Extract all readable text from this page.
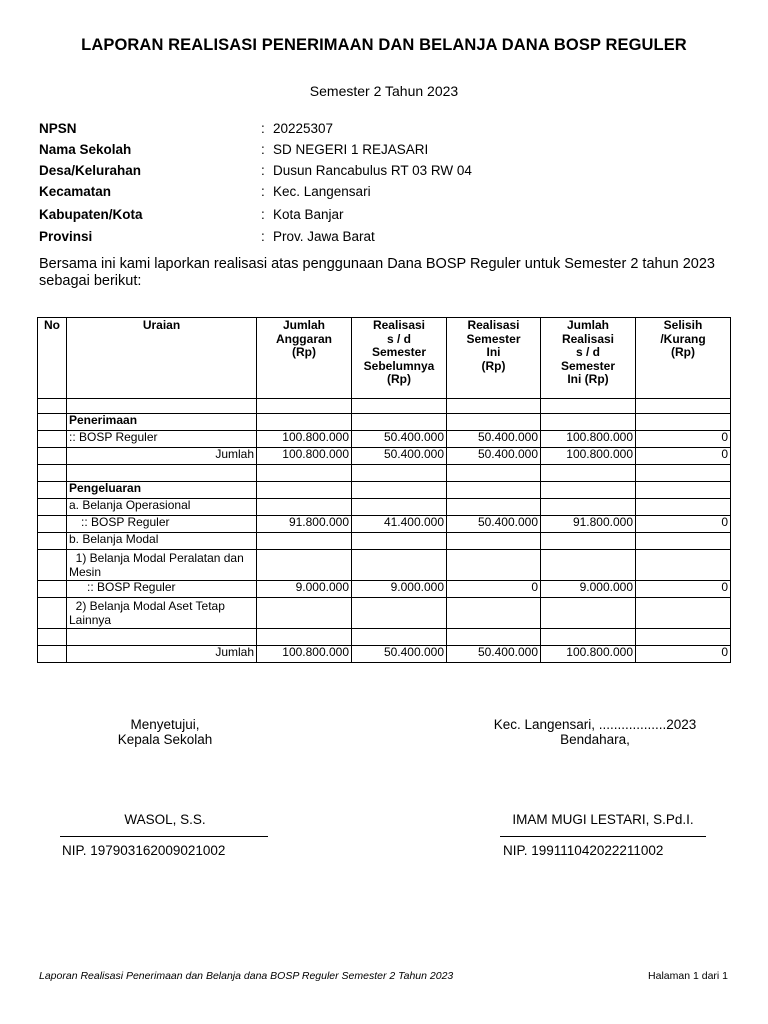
LAPORAN REALISASI PENERIMAAN DAN BELANJA DANA BOSP REGULER
Semester 2 Tahun 2023
NPSN	: 20225307
Nama Sekolah	: SD NEGERI 1 REJASARI
Desa/Kelurahan	: Dusun Rancabulus RT 03 RW 04
Kecamatan	: Kec. Langensari
Kabupaten/Kota	: Kota Banjar
Provinsi	: Prov. Jawa Barat
Bersama ini kami laporkan realisasi atas penggunaan Dana BOSP Reguler untuk Semester 2 tahun 2023 sebagai berikut:
No	Uraian	Jumlah
Anggaran
(Rp)	Realisasi
s / d
Semester
Sebelumnya
(Rp)	Realisasi
Semester
Ini
(Rp)	Jumlah
Realisasi
s / d
Semester
Ini (Rp)	Selisih
/Kurang
(Rp)

	Penerimaan					
	:: BOSP Reguler	100.800.000	50.400.000	50.400.000	100.800.000	0
	Jumlah	100.800.000	50.400.000	50.400.000	100.800.000	0

	Pengeluaran					
	a. Belanja Operasional					
	:: BOSP Reguler	91.800.000	41.400.000	50.400.000	91.800.000	0
	b. Belanja Modal					
	1) Belanja Modal Peralatan dan Mesin					
	:: BOSP Reguler	9.000.000	9.000.000	0	9.000.000	0
	2) Belanja Modal Aset Tetap Lainnya					

	Jumlah	100.800.000	50.400.000	50.400.000	100.800.000	0
Menyetujui,
Kepala Sekolah
Kec. Langensari, ..................2023
Bendahara,
WASOL, S.S.
NIP. 197903162009021002
IMAM MUGI LESTARI, S.Pd.I.
NIP. 199111042022211002
Laporan Realisasi Penerimaan dan Belanja dana BOSP Reguler Semester 2 Tahun 2023	Halaman 1 dari 1
